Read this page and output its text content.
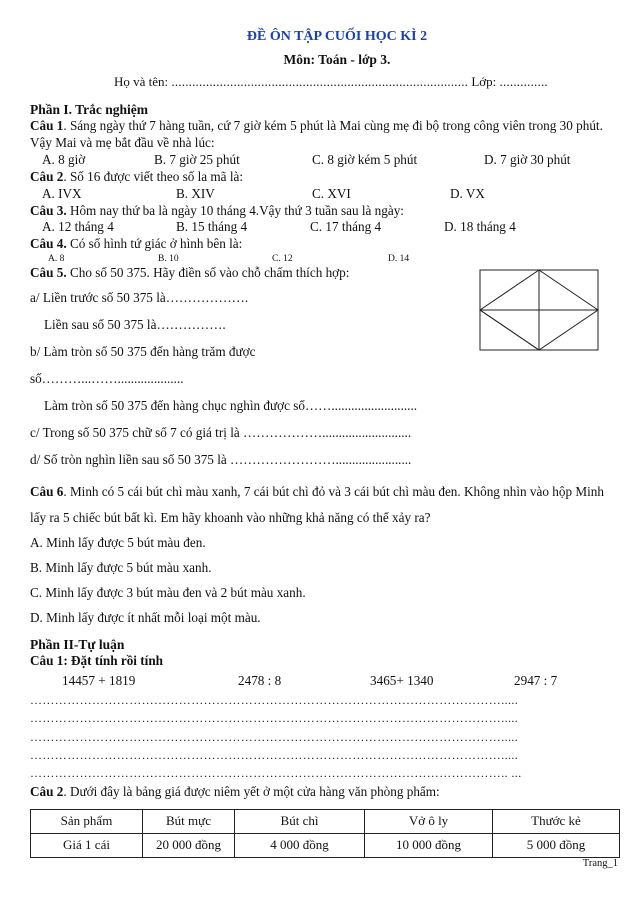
ĐỀ ÔN TẬP CUỐI HỌC KÌ 2
Môn: Toán - lớp 3.
Họ và tên: ...................................................................................... Lớp: ..............
Phần I. Trắc nghiệm
Câu 1. Sáng ngày thứ 7 hàng tuần, cứ 7 giờ kém 5 phút là Mai cùng mẹ đi bộ trong công viên trong 30 phút. Vậy Mai và mẹ bắt đầu về nhà lúc:
A. 8 giờ	B. 7 giờ 25 phút	C. 8 giờ kém 5 phút	D. 7 giờ 30 phút
Câu 2. Số 16 được viết theo số la mã là:
A. IVX	B. XIV	C. XVI	D. VX
Câu 3. Hôm nay thứ ba là ngày 10 tháng 4.Vậy thứ 3 tuần sau là ngày:
A. 12 tháng 4	B. 15 tháng 4	C. 17 tháng 4	D. 18 tháng 4
Câu 4. Có số hình tứ giác ở hình bên là:
A. 8	B. 10	C. 12	D. 14
Câu 5. Cho số 50 375. Hãy điền số vào chỗ chấm thích hợp:
a/ Liền trước số 50 375 là……………….
Liền sau số 50 375 là…………….
b/ Làm tròn số 50 375 đến hàng trăm được
số………...……....................
Làm tròn số 50 375 đến hàng chục nghìn được số……..........................
c/ Trong số 50 375 chữ số 7 có giá trị là ………………...........................
d/ Số tròn nghìn liền sau số 50 375 là …………………….......................
Câu 6. Minh có 5 cái bút chì màu xanh, 7 cái bút chì đỏ và 3 cái bút chì màu đen. Không nhìn vào hộp Minh lấy ra 5 chiếc bút bất kì. Em hãy khoanh vào những khả năng có thể xảy ra?
A. Minh lấy được 5 bút màu đen.
B. Minh lấy được 5 bút màu xanh.
C. Minh lấy được 3 bút màu đen và 2 bút màu xanh.
D. Minh lấy được ít nhất mỗi loại một màu.
Phần II-Tự luận
Câu 1: Đặt tính rồi tính
14457 + 1819	2478 : 8	3465+ 1340	2947 : 7
…………………………………………………………………………………………………….....
…………………………………………………………………………………………………….....
…………………………………………………………………………………………………….....
…………………………………………………………………………………………………….....
…………………………………………………………………………………………………….. ...
Câu 2. Dưới đây là bảng giá được niêm yết ở một cửa hàng văn phòng phẩm:
Sản phẩm	Bút mực	Bút chì	Vở ô ly	Thước kẻ
Giá 1 cái	20 000 đồng	4 000 đồng	10 000 đồng	5 000 đồng
Trang_1
